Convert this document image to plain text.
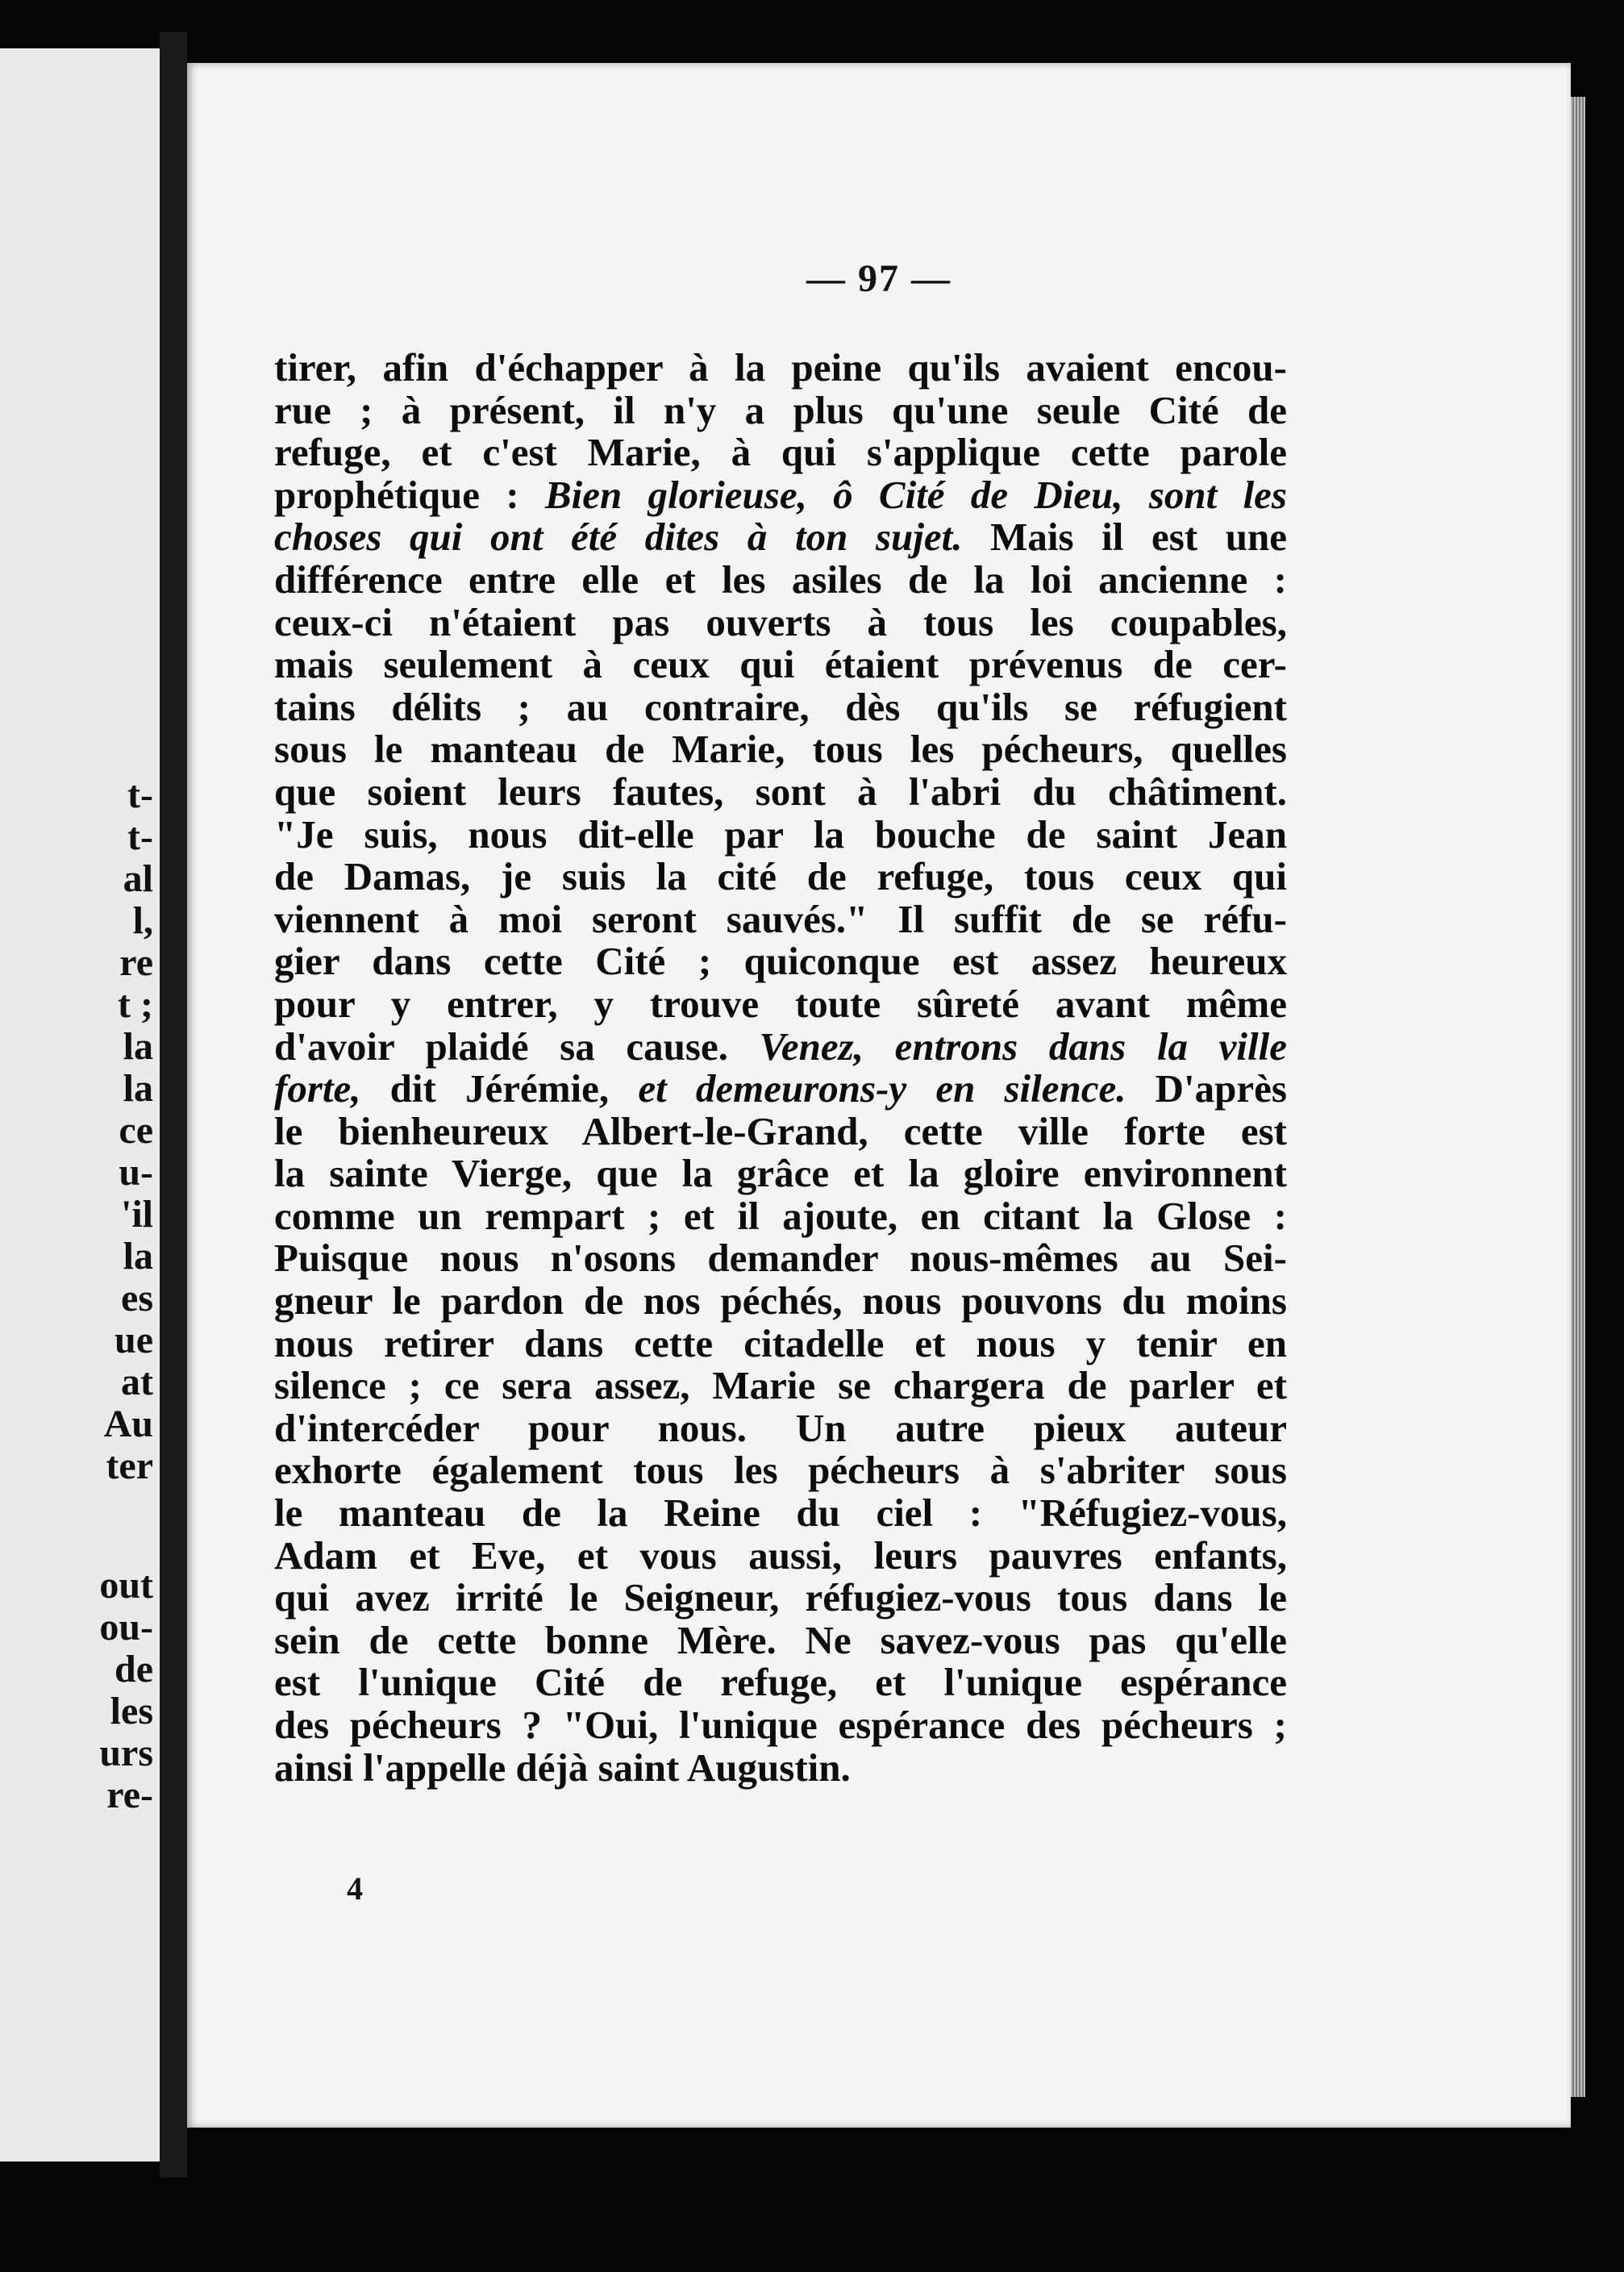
t-
t-
al
l,
re
t ;
la
la
ce
u-
'il
la
es
ue
at
Au
ter
out
ou-
de
les
urs
re-
— 97 —
tirer, afin d'échapper à la peine qu'ils avaient encou-
rue ; à présent, il n'y a plus qu'une seule Cité de
refuge, et c'est Marie, à qui s'applique cette parole
prophétique : Bien glorieuse, ô Cité de Dieu, sont les
choses qui ont été dites à ton sujet. Mais il est une
différence entre elle et les asiles de la loi ancienne :
ceux-ci n'étaient pas ouverts à tous les coupables,
mais seulement à ceux qui étaient prévenus de cer-
tains délits ; au contraire, dès qu'ils se réfugient
sous le manteau de Marie, tous les pécheurs, quelles
que soient leurs fautes, sont à l'abri du châtiment.
"Je suis, nous dit-elle par la bouche de saint Jean
de Damas, je suis la cité de refuge, tous ceux qui
viennent à moi seront sauvés." Il suffit de se réfu-
gier dans cette Cité ; quiconque est assez heureux
pour y entrer, y trouve toute sûreté avant même
d'avoir plaidé sa cause. Venez, entrons dans la ville
forte, dit Jérémie, et demeurons-y en silence. D'après
le bienheureux Albert-le-Grand, cette ville forte est
la sainte Vierge, que la grâce et la gloire environnent
comme un rempart ; et il ajoute, en citant la Glose :
Puisque nous n'osons demander nous-mêmes au Sei-
gneur le pardon de nos péchés, nous pouvons du moins
nous retirer dans cette citadelle et nous y tenir en
silence ; ce sera assez, Marie se chargera de parler et
d'intercéder pour nous. Un autre pieux auteur
exhorte également tous les pécheurs à s'abriter sous
le manteau de la Reine du ciel : "Réfugiez-vous,
Adam et Eve, et vous aussi, leurs pauvres enfants,
qui avez irrité le Seigneur, réfugiez-vous tous dans le
sein de cette bonne Mère. Ne savez-vous pas qu'elle
est l'unique Cité de refuge, et l'unique espérance
des pécheurs ? "Oui, l'unique espérance des pécheurs ;
ainsi l'appelle déjà saint Augustin.
4
